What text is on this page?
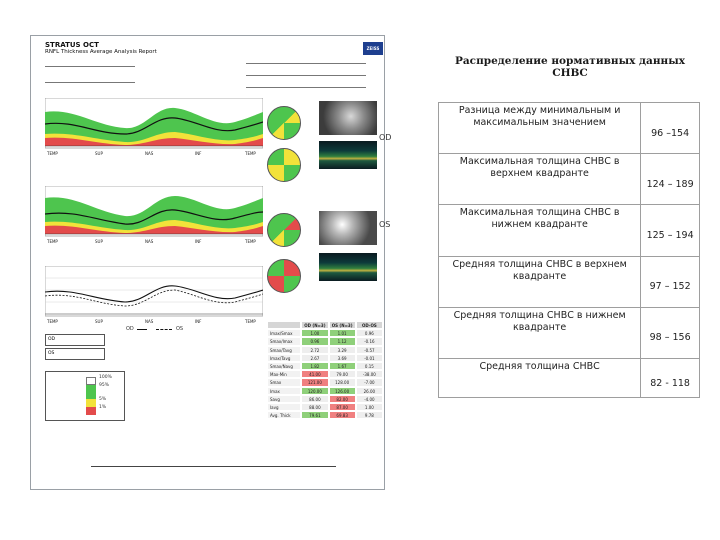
STRATUS OCT
RNFL Thickness Average Analysis Report
ZEISS
TEMP	SUP	NAS	INF	TEMP
TEMP	SUP	NAS	INF	TEMP
TEMP	SUP	NAS	INF	TEMP
OD	OS
OD
OS
100%
95%
5%
1%
OD
OS
OD (N=3)	OS (N=3)	OD-OS
Imax/Smax	1.00	1.01	0.96
Smax/Imax	0.96	1.12	-0.16
Smax/Tavg	2.72	3.29	-0.57
Imax/Tavg	2.67	3.69	-0.01
Smax/Navg	1.82	1.67	0.15
Max-Min	41.00	79.00	-38.00
Smax	121.00	128.00	-7.00
Imax	120.00	126.00	26.00
Savg	86.00	82.00	-4.00
Iavg	88.00	87.00	1.00
Avg. Thick	79.61	69.83	9.78
Распределение нормативных данных СНВС
Разница между минимальным и максимальным значением	96 –154
Максимальная толщина СНВС в верхнем квадранте	124 – 189
Максимальная толщина СНВС в нижнем квадранте	125 – 194
Средняя толщина СНВС в верхнем квадранте	97 – 152
Средняя толщина СНВС в нижнем квадранте	98 – 156
Средняя толщина СНВС	82 - 118
